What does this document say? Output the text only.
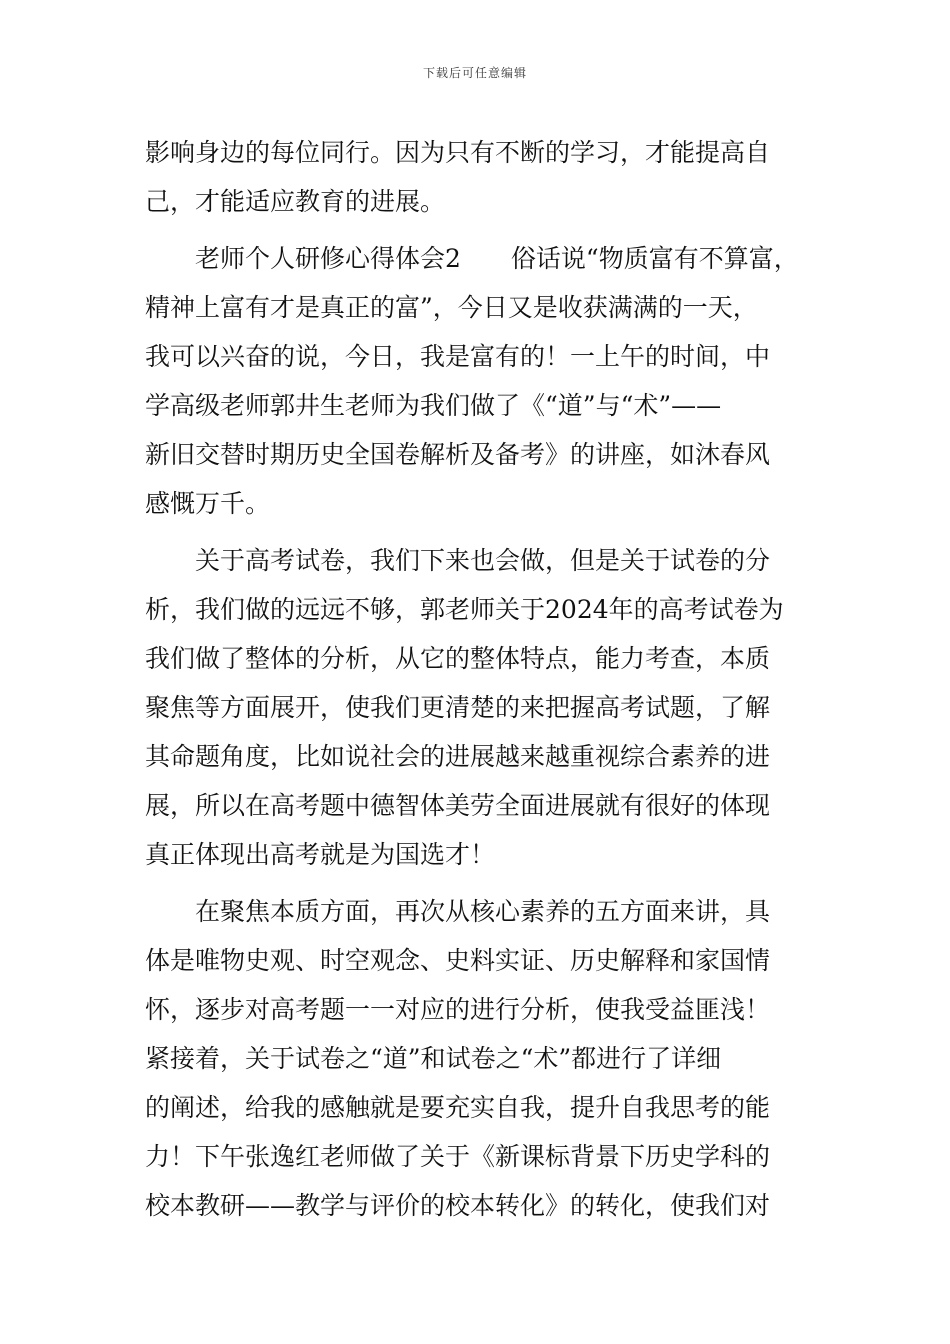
下载后可任意编辑
影响身边的每位同行。因为只有不断的学习，才能提高自
己，才能适应教育的进展。
　　老师个人研修心得体会2　　俗话说“物质富有不算富，
精神上富有才是真正的富”，今日又是收获满满的一天，
我可以兴奋的说，今日，我是富有的！一上午的时间，中
学高级老师郭井生老师为我们做了《“道”与“术”——
新旧交替时期历史全国卷解析及备考》的讲座，如沐春风
感慨万千。
　　关于高考试卷，我们下来也会做，但是关于试卷的分
析，我们做的远远不够，郭老师关于2024年的高考试卷为
我们做了整体的分析，从它的整体特点，能力考查，本质
聚焦等方面展开，使我们更清楚的来把握高考试题，了解
其命题角度，比如说社会的进展越来越重视综合素养的进
展，所以在高考题中德智体美劳全面进展就有很好的体现
真正体现出高考就是为国选才！
　　在聚焦本质方面，再次从核心素养的五方面来讲，具
体是唯物史观、时空观念、史料实证、历史解释和家国情
怀，逐步对高考题一一对应的进行分析，使我受益匪浅！
紧接着，关于试卷之“道”和试卷之“术”都进行了详细
的阐述，给我的感触就是要充实自我，提升自我思考的能
力！下午张逸红老师做了关于《新课标背景下历史学科的
校本教研——教学与评价的校本转化》的转化，使我们对
